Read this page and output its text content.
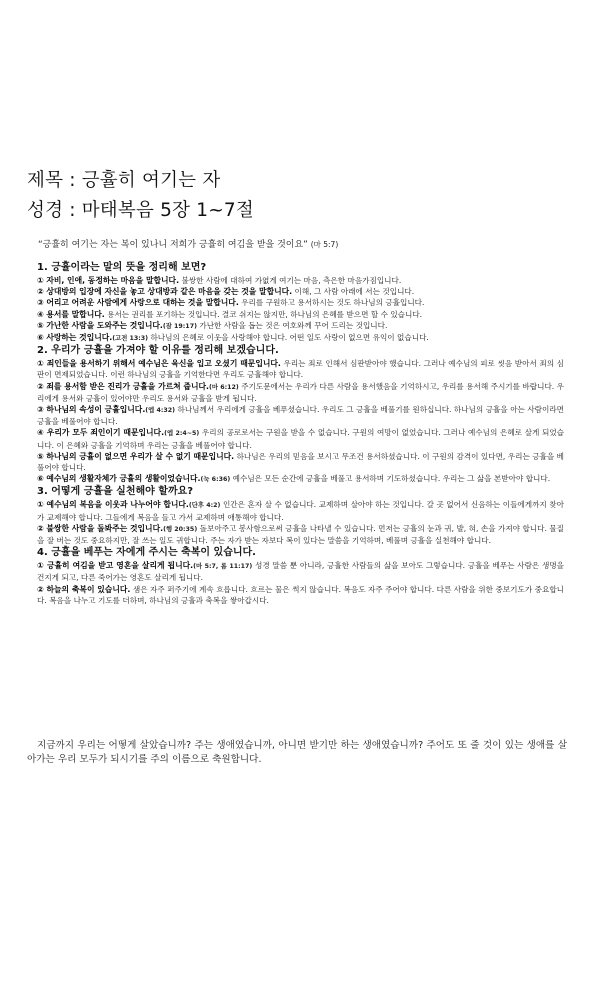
제목 : 긍휼히 여기는 자
성경 : 마태복음 5장 1~7절
“긍휼히 여기는 자는 복이 있나니 저희가 긍휼히 여김을 받을 것이요” (마 5:7)
1. 긍휼이라는 말의 뜻을 정리해 보면?
① 자비, 인애, 동정하는 마음을 말합니다. 불쌍한 사람에 대하여 가엾게 여기는 마음, 측은한 마음가짐입니다.
② 상대방의 입장에 자신을 놓고 상대방과 같은 마음을 갖는 것을 말합니다. 이해, 그 사람 아래에 서는 것입니다.
③ 어리고 어려운 사람에게 사랑으로 대하는 것을 말합니다. 우리를 구원하고 용서하시는 것도 하나님의 긍휼입니다.
④ 용서를 말합니다. 용서는 권리를 포기하는 것입니다. 결코 쉬지는 않지만, 하나님의 은혜를 받으면 할 수 있습니다.
⑤ 가난한 사람을 도와주는 것입니다.(잠 19:17) 가난한 사람을 돕는 것은 여호와께 꾸어 드리는 것입니다.
⑥ 사랑하는 것입니다.(고전 13:3) 하나님의 은혜로 이웃을 사랑해야 합니다. 어떤 일도 사랑이 없으면 유익이 없습니다.
2. 우리가 긍휼을 가져야 할 이유를 정리해 보겠습니다.
① 죄인들을 용서하기 위해서 예수님은 육신을 입고 오셨기 때문입니다. 우리는 죄로 인해서 심판받아야 했습니다. 그러나 예수님의 피로 씻음 받아서 죄의 심판이 면제되었습니다. 이런 하나님의 긍휼을 기억한다면 우리도 긍휼해야 합니다.
② 죄를 용서함 받은 진리가 긍휼을 가르쳐 줍니다.(마 6:12) 주기도문에서는 우리가 다른 사람을 용서했음을 기억하시고, 우리를 용서해 주시기를 바랍니다. 우리에게 용서와 긍휼이 있어야만 우리도 용서와 긍휼을 받게 됩니다.
③ 하나님의 속성이 긍휼입니다.(엡 4:32) 하나님께서 우리에게 긍휼을 베푸셨습니다. 우리도 그 긍휼을 베풀기를 원하십니다. 하나님의 긍휼을 아는 사람이라면 긍휼을 베풀어야 합니다.
④ 우리가 모두 죄인이기 때문입니다.(엡 2:4~5) 우리의 공로로서는 구원을 받을 수 없습니다. 구원의 여망이 없었습니다. 그러나 예수님의 은혜로 살게 되었습니다. 이 은혜와 긍휼을 기억하며 우리는 긍휼을 베풀어야 합니다.
⑤ 하나님의 긍휼이 없으면 우리가 살 수 없기 때문입니다. 하나님은 우리의 믿음을 보시고 무조건 용서하셨습니다. 이 구원의 감격이 있다면, 우리는 긍휼을 베풀어야 합니다.
⑥ 예수님의 생활자체가 긍휼의 생활이었습니다.(눅 6:36) 예수님은 모든 순간에 긍휼을 베풀고 용서하며 기도하셨습니다. 우리는 그 삶을 본받아야 합니다.
3. 어떻게 긍휼을 실천해야 할까요?
① 예수님의 복음을 이웃과 나누어야 합니다.(단후 4:2) 인간은 혼자 살 수 없습니다. 교제하며 살아야 하는 것입니다. 갈 곳 없어서 신음하는 이들에게까지 찾아가 교제해야 합니다. 그들에게 복음을 들고 가서 교제하며 애통해야 합니다.
② 불쌍한 사람을 돌봐주는 것입니다.(행 20:35) 돌보아주고 봉사함으로써 긍휼을 나타낼 수 있습니다. 먼저는 긍휼의 눈과 귀, 발, 혀, 손을 가져야 합니다. 물질을 잘 버는 것도 중요하지만, 잘 쓰는 일도 귀합니다. 주는 자가 받는 자보다 복이 있다는 말씀을 기억하며, 베풀며 긍휼을 실천해야 합니다.
4. 긍휼을 베푸는 자에게 주시는 축복이 있습니다.
① 긍휼히 여김을 받고 영혼을 살리게 됩니다.(마 5:7, 롬 11:17) 성경 말씀 뿐 아니라, 긍휼한 사람들의 삶을 보아도 그렇습니다. 긍휼을 베푸는 사람은 생명을 건지게 되고, 다른 죽어가는 영혼도 살리게 됩니다.
② 하늘의 축복이 있습니다. 샘은 자주 퍼주기에 계속 흐릅니다. 흐르는 물은 썩지 않습니다. 복음도 자주 주어야 합니다. 다른 사람을 위한 중보기도가 중요합니다. 복음을 나누고 기도를 더하며, 하나님의 긍휼과 축복을 쌓아갑시다.
지금까지 우리는 어떻게 살았습니까? 주는 생애였습니까, 아니면 받기만 하는 생애였습니까? 주어도 또 줄 것이 있는 생애를 살아가는 우리 모두가 되시기를 주의 이름으로 축원합니다.
